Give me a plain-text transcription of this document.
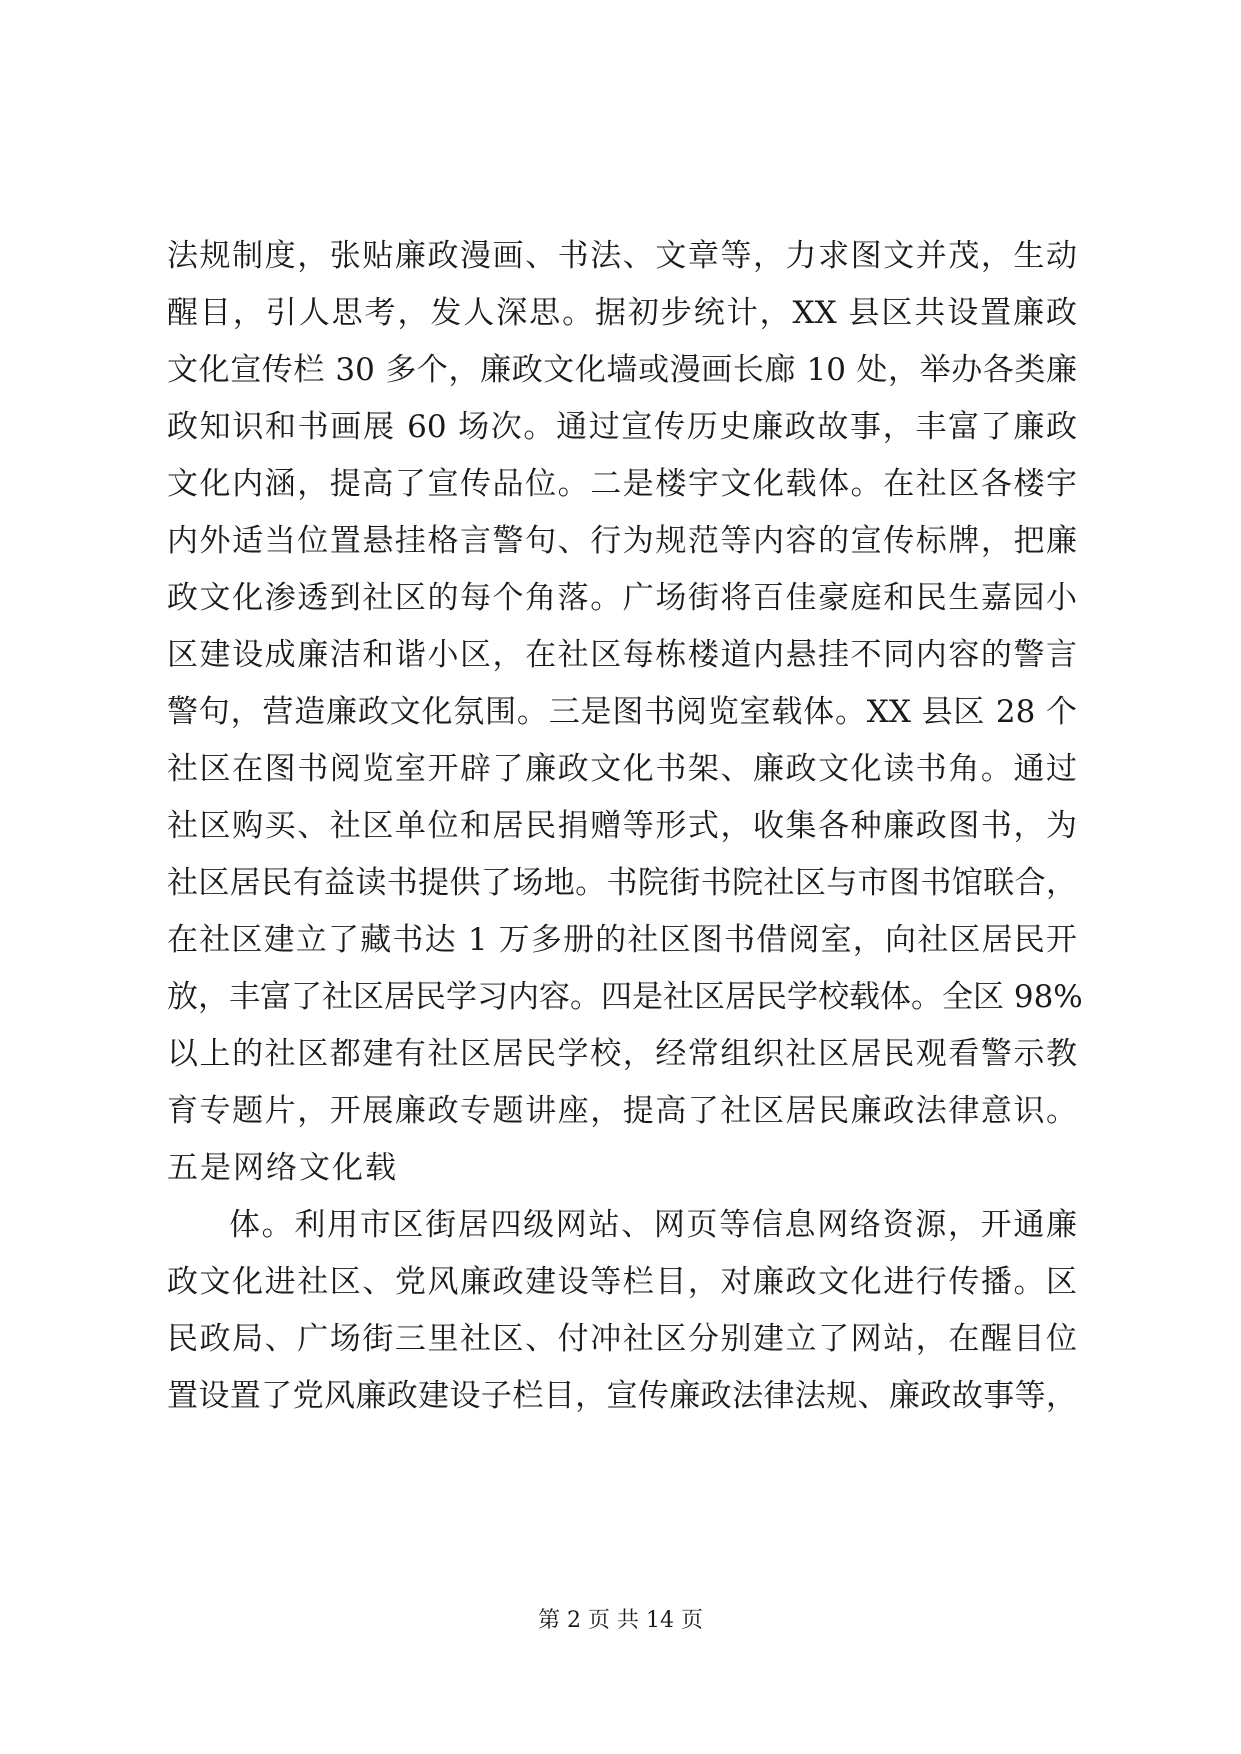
法规制度，张贴廉政漫画、书法、文章等，力求图文并茂，生动
醒目，引人思考，发人深思。据初步统计，XX 县区共设置廉政
文化宣传栏 30 多个，廉政文化墙或漫画长廊 10 处，举办各类廉
政知识和书画展 60 场次。通过宣传历史廉政故事，丰富了廉政
文化内涵，提高了宣传品位。二是楼宇文化载体。在社区各楼宇
内外适当位置悬挂格言警句、行为规范等内容的宣传标牌，把廉
政文化渗透到社区的每个角落。广场街将百佳豪庭和民生嘉园小
区建设成廉洁和谐小区，在社区每栋楼道内悬挂不同内容的警言
警句，营造廉政文化氛围。三是图书阅览室载体。XX 县区 28 个
社区在图书阅览室开辟了廉政文化书架、廉政文化读书角。通过
社区购买、社区单位和居民捐赠等形式，收集各种廉政图书，为
社区居民有益读书提供了场地。书院街书院社区与市图书馆联合，
在社区建立了藏书达 1 万多册的社区图书借阅室，向社区居民开
放，丰富了社区居民学习内容。四是社区居民学校载体。全区 98%
以上的社区都建有社区居民学校，经常组织社区居民观看警示教
育专题片，开展廉政专题讲座，提高了社区居民廉政法律意识。
五是网络文化载

体。利用市区街居四级网站、网页等信息网络资源，开通廉
政文化进社区、党风廉政建设等栏目，对廉政文化进行传播。区
民政局、广场街三里社区、付冲社区分别建立了网站，在醒目位
置设置了党风廉政建设子栏目，宣传廉政法律法规、廉政故事等，

第 2 页 共 14 页
